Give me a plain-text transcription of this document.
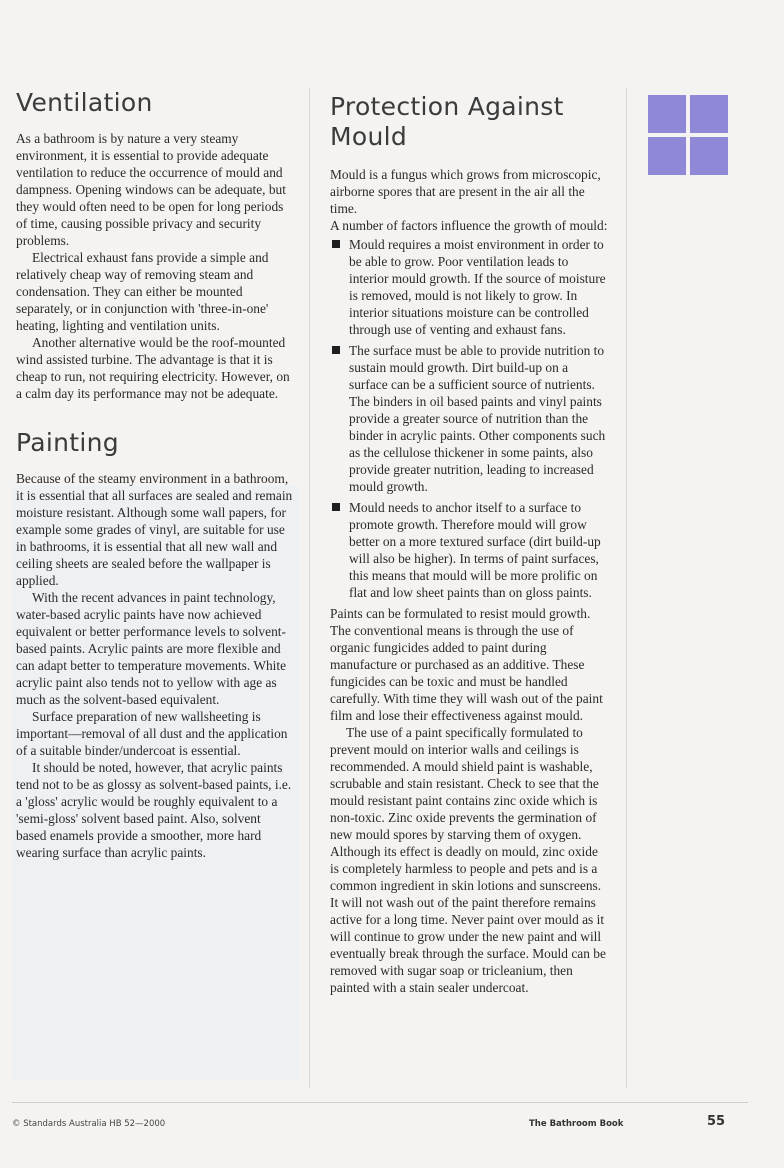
Ventilation

As a bathroom is by nature a very steamy environment, it is essential to provide adequate ventilation to reduce the occurrence of mould and dampness. Opening windows can be adequate, but they would often need to be open for long periods of time, causing possible privacy and security problems.

Electrical exhaust fans provide a simple and relatively cheap way of removing steam and condensation. They can either be mounted separately, or in conjunction with 'three-in-one' heating, lighting and ventilation units.

Another alternative would be the roof-mounted wind assisted turbine. The advantage is that it is cheap to run, not requiring electricity. However, on a calm day its performance may not be adequate.

Painting

Because of the steamy environment in a bathroom, it is essential that all surfaces are sealed and remain moisture resistant. Although some wall papers, for example some grades of vinyl, are suitable for use in bathrooms, it is essential that all new wall and ceiling sheets are sealed before the wallpaper is applied.

With the recent advances in paint technology, water-based acrylic paints have now achieved equivalent or better performance levels to solvent-based paints. Acrylic paints are more flexible and can adapt better to temperature movements. White acrylic paint also tends not to yellow with age as much as the solvent-based equivalent.

Surface preparation of new wallsheeting is important—removal of all dust and the application of a suitable binder/undercoat is essential.

It should be noted, however, that acrylic paints tend not to be as glossy as solvent-based paints, i.e. a 'gloss' acrylic would be roughly equivalent to a 'semi-gloss' solvent based paint. Also, solvent based enamels provide a smoother, more hard wearing surface than acrylic paints.

Protection Against Mould

Mould is a fungus which grows from microscopic, airborne spores that are present in the air all the time.

A number of factors influence the growth of mould:

Mould requires a moist environment in order to be able to grow. Poor ventilation leads to interior mould growth. If the source of moisture is removed, mould is not likely to grow. In interior situations moisture can be controlled through use of venting and exhaust fans.
The surface must be able to provide nutrition to sustain mould growth. Dirt build-up on a surface can be a sufficient source of nutrients. The binders in oil based paints and vinyl paints provide a greater source of nutrition than the binder in acrylic paints. Other components such as the cellulose thickener in some paints, also provide greater nutrition, leading to increased mould growth.
Mould needs to anchor itself to a surface to promote growth. Therefore mould will grow better on a more textured surface (dirt build-up will also be higher). In terms of paint surfaces, this means that mould will be more prolific on flat and low sheet paints than on gloss paints.

Paints can be formulated to resist mould growth. The conventional means is through the use of organic fungicides added to paint during manufacture or purchased as an additive. These fungicides can be toxic and must be handled carefully. With time they will wash out of the paint film and lose their effectiveness against mould.

The use of a paint specifically formulated to prevent mould on interior walls and ceilings is recommended. A mould shield paint is washable, scrubable and stain resistant. Check to see that the mould resistant paint contains zinc oxide which is non-toxic. Zinc oxide prevents the germination of new mould spores by starving them of oxygen. Although its effect is deadly on mould, zinc oxide is completely harmless to people and pets and is a common ingredient in skin lotions and sunscreens. It will not wash out of the paint therefore remains active for a long time. Never paint over mould as it will continue to grow under the new paint and will eventually break through the surface. Mould can be removed with sugar soap or tricleanium, then painted with a stain sealer undercoat.

© Standards Australia HB 52—2000	The Bathroom Book	55
